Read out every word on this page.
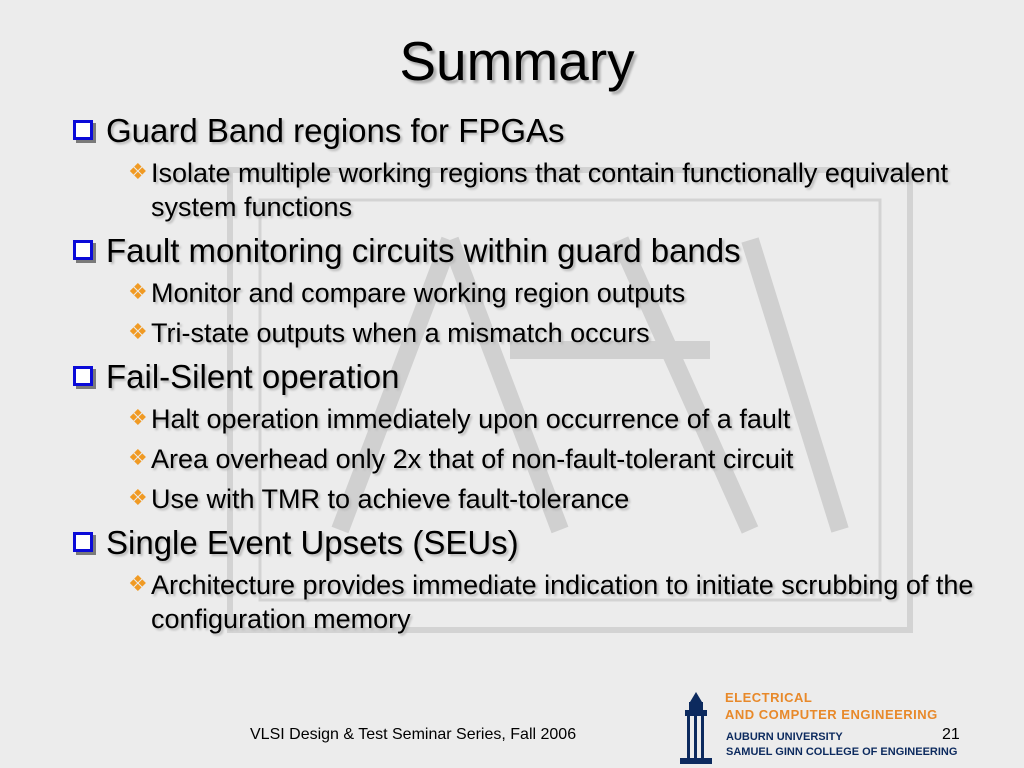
Summary
Guard Band regions for FPGAs
❖ Isolate multiple working regions that contain functionally equivalent system functions
Fault monitoring circuits within guard bands
❖ Monitor and compare working region outputs
❖ Tri-state outputs when a mismatch occurs
Fail-Silent operation
❖ Halt operation immediately upon occurrence of a fault
❖ Area overhead only 2x that of non-fault-tolerant circuit
❖ Use with TMR to achieve fault-tolerance
Single Event Upsets (SEUs)
❖ Architecture provides immediate indication to initiate scrubbing of the configuration memory
VLSI Design & Test Seminar Series, Fall 2006	21
ELECTRICAL
AND COMPUTER ENGINEERING
AUBURN UNIVERSITY
SAMUEL GINN COLLEGE OF ENGINEERING
